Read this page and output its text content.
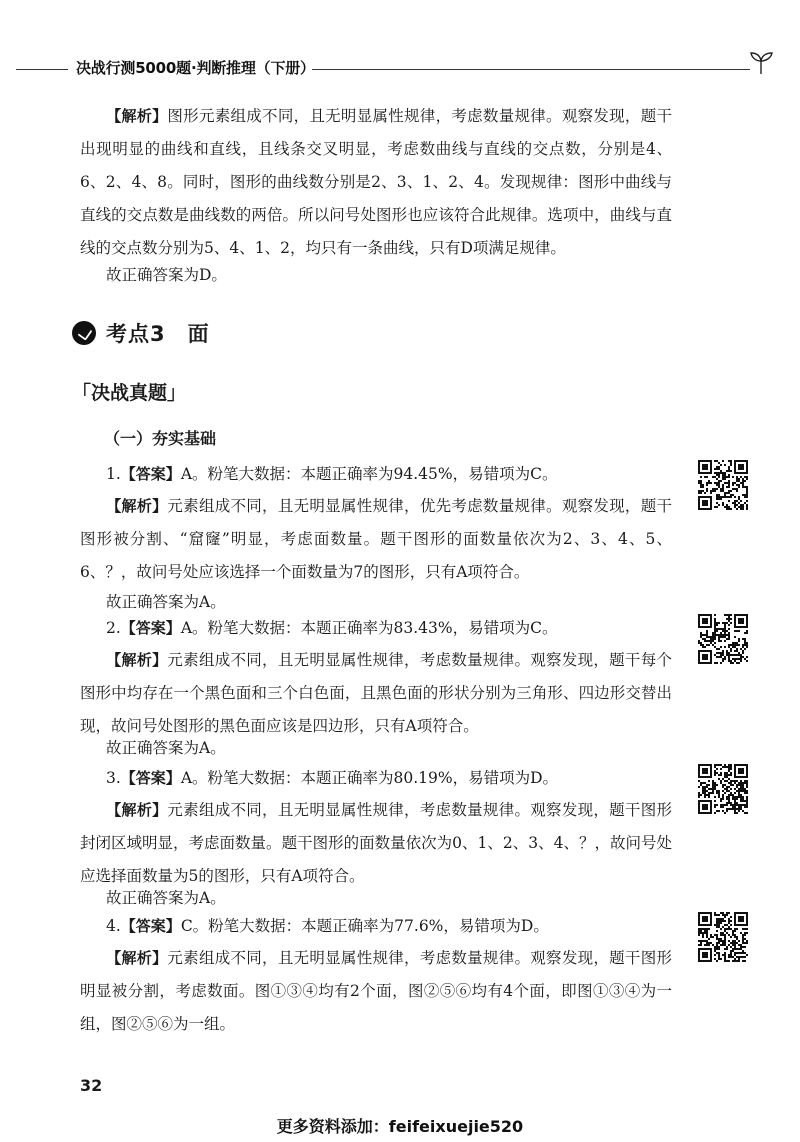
决战行测5000题·判断推理（下册）

【解析】图形元素组成不同，且无明显属性规律，考虑数量规律。观察发现，题干出现明显的曲线和直线，且线条交叉明显，考虑数曲线与直线的交点数，分别是4、6、2、4、8。同时，图形的曲线数分别是2、3、1、2、4。发现规律：图形中曲线与直线的交点数是曲线数的两倍。所以问号处图形也应该符合此规律。选项中，曲线与直线的交点数分别为5、4、1、2，均只有一条曲线，只有D项满足规律。

故正确答案为D。

考点3　面
「决战真题」
（一）夯实基础

1.【答案】A。粉笔大数据：本题正确率为94.45%，易错项为C。

【解析】元素组成不同，且无明显属性规律，优先考虑数量规律。观察发现，题干图形被分割、“窟窿”明显，考虑面数量。题干图形的面数量依次为2、3、4、5、6、？，故问号处应该选择一个面数量为7的图形，只有A项符合。

故正确答案为A。

2.【答案】A。粉笔大数据：本题正确率为83.43%，易错项为C。

【解析】元素组成不同，且无明显属性规律，考虑数量规律。观察发现，题干每个图形中均存在一个黑色面和三个白色面，且黑色面的形状分别为三角形、四边形交替出现，故问号处图形的黑色面应该是四边形，只有A项符合。

故正确答案为A。

3.【答案】A。粉笔大数据：本题正确率为80.19%，易错项为D。

【解析】元素组成不同，且无明显属性规律，考虑数量规律。观察发现，题干图形封闭区域明显，考虑面数量。题干图形的面数量依次为0、1、2、3、4、？，故问号处应选择面数量为5的图形，只有A项符合。

故正确答案为A。

4.【答案】C。粉笔大数据：本题正确率为77.6%，易错项为D。

【解析】元素组成不同，且无明显属性规律，考虑数量规律。观察发现，题干图形明显被分割，考虑数面。图①③④均有2个面，图②⑤⑥均有4个面，即图①③④为一组，图②⑤⑥为一组。

32
更多资料添加：feifeixuejie520
